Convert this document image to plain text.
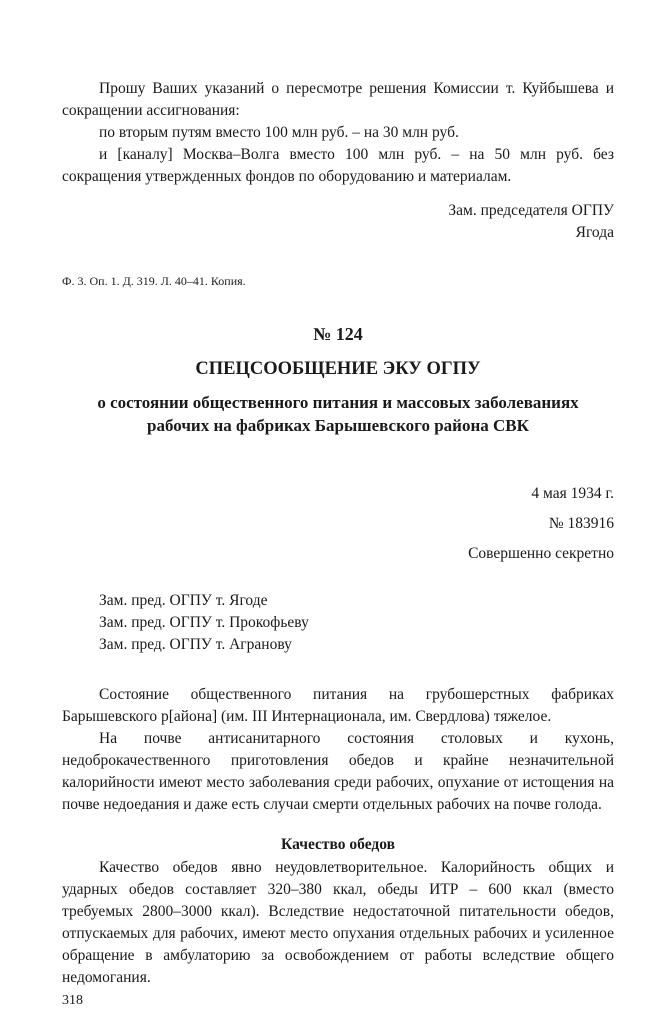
Прошу Ваших указаний о пересмотре решения Комиссии т. Куйбышева и сокращении ассигнования:

по вторым путям вместо 100 млн руб. – на 30 млн руб.

и [каналу] Москва–Волга вместо 100 млн руб. – на 50 млн руб. без сокращения утвержденных фондов по оборудованию и материалам.

Зам. председателя ОГПУ
Ягода
Ф. 3. Оп. 1. Д. 319. Л. 40–41. Копия.
№ 124
СПЕЦСООБЩЕНИЕ ЭКУ ОГПУ
о состоянии общественного питания и массовых заболеваниях
рабочих на фабриках Барышевского района СВК
4 мая 1934 г.
№ 183916
Совершенно секретно
Зам. пред. ОГПУ т. Ягоде
Зам. пред. ОГПУ т. Прокофьеву
Зам. пред. ОГПУ т. Агранову

Состояние общественного питания на грубошерстных фабриках Барышевского р[айона] (им. III Интернационала, им. Свердлова) тяжелое.

На почве антисанитарного состояния столовых и кухонь, недоброкачественного приготовления обедов и крайне незначительной калорийности имеют место заболевания среди рабочих, опухание от истощения на почве недоедания и даже есть случаи смерти отдельных рабочих на почве голода.

Качество обедов

Качество обедов явно неудовлетворительное. Калорийность общих и ударных обедов составляет 320–380 ккал, обеды ИТР – 600 ккал (вместо требуемых 2800–3000 ккал). Вследствие недостаточной питательности обедов, отпускаемых для рабочих, имеют место опухания отдельных рабочих и усиленное обращение в амбулаторию за освобождением от работы вследствие общего недомогания.

318
